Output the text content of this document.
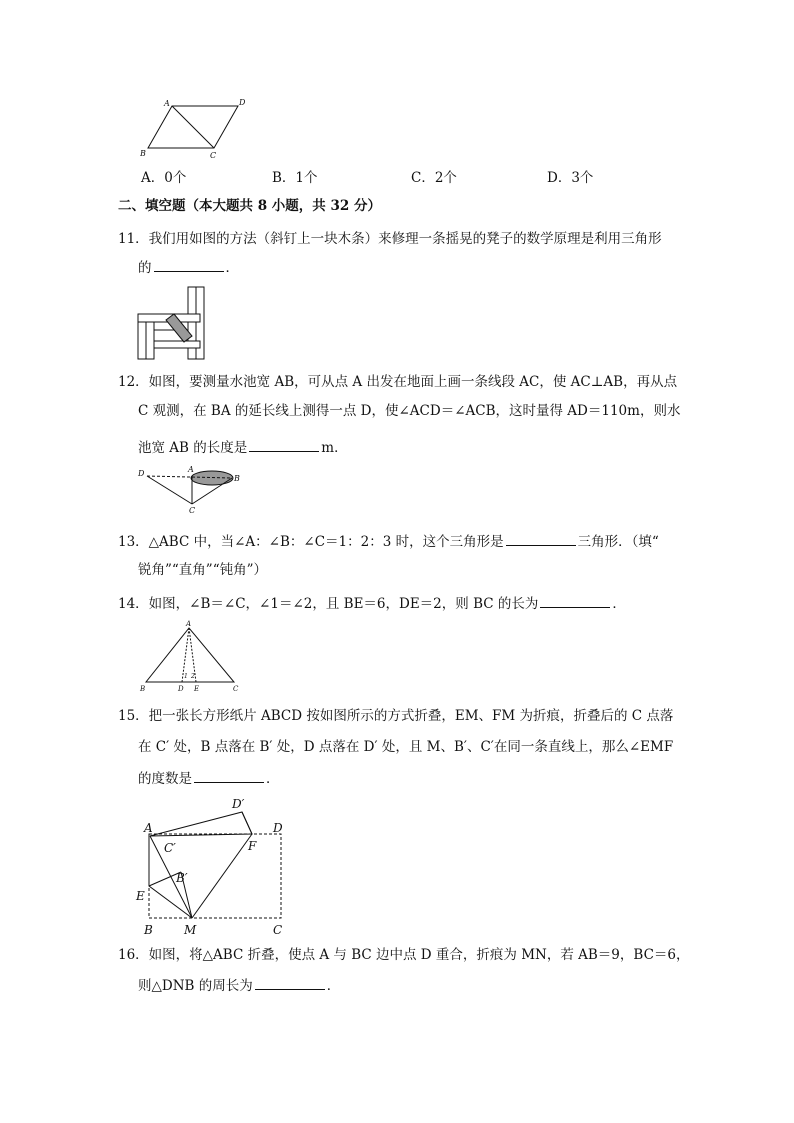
A	D
B	C
A．0个	B．1个	C．2个	D．3个
二、填空题（本大题共 8 小题，共 32 分）
11．我们用如图的方法（斜钉上一块木条）来修理一条摇晃的凳子的数学原理是利用三角形
的	．
12．如图，要测量水池宽 AB，可从点 A 出发在地面上画一条线段 AC，使 AC⊥AB，再从点
C 观测，在 BA 的延长线上测得一点 D，使∠ACD＝∠ACB，这时量得 AD＝110m，则水
池宽 AB 的长度是	m．
D	A
B
C
13．△ABC 中，当∠A：∠B：∠C＝1：2：3 时，这个三角形是	三角形．（填“
锐角”“直角”“钝角”）
14．如图，∠B＝∠C，∠1＝∠2，且 BE＝6，DE＝2，则 BC 的长为	．
A
B	C
D E
1 2
15．把一张长方形纸片 ABCD 按如图所示的方式折叠，EM、FM 为折痕，折叠后的 C 点落
在 C′ 处，B 点落在 B′ 处，D 点落在 D′ 处，且 M、B′、C′在同一条直线上，那么∠EMF
的度数是	．
A
D′
D
C′	F
B′
E
B	M	C
16．如图，将△ABC 折叠，使点 A 与 BC 边中点 D 重合，折痕为 MN，若 AB＝9，BC＝6，
则△DNB 的周长为	．
